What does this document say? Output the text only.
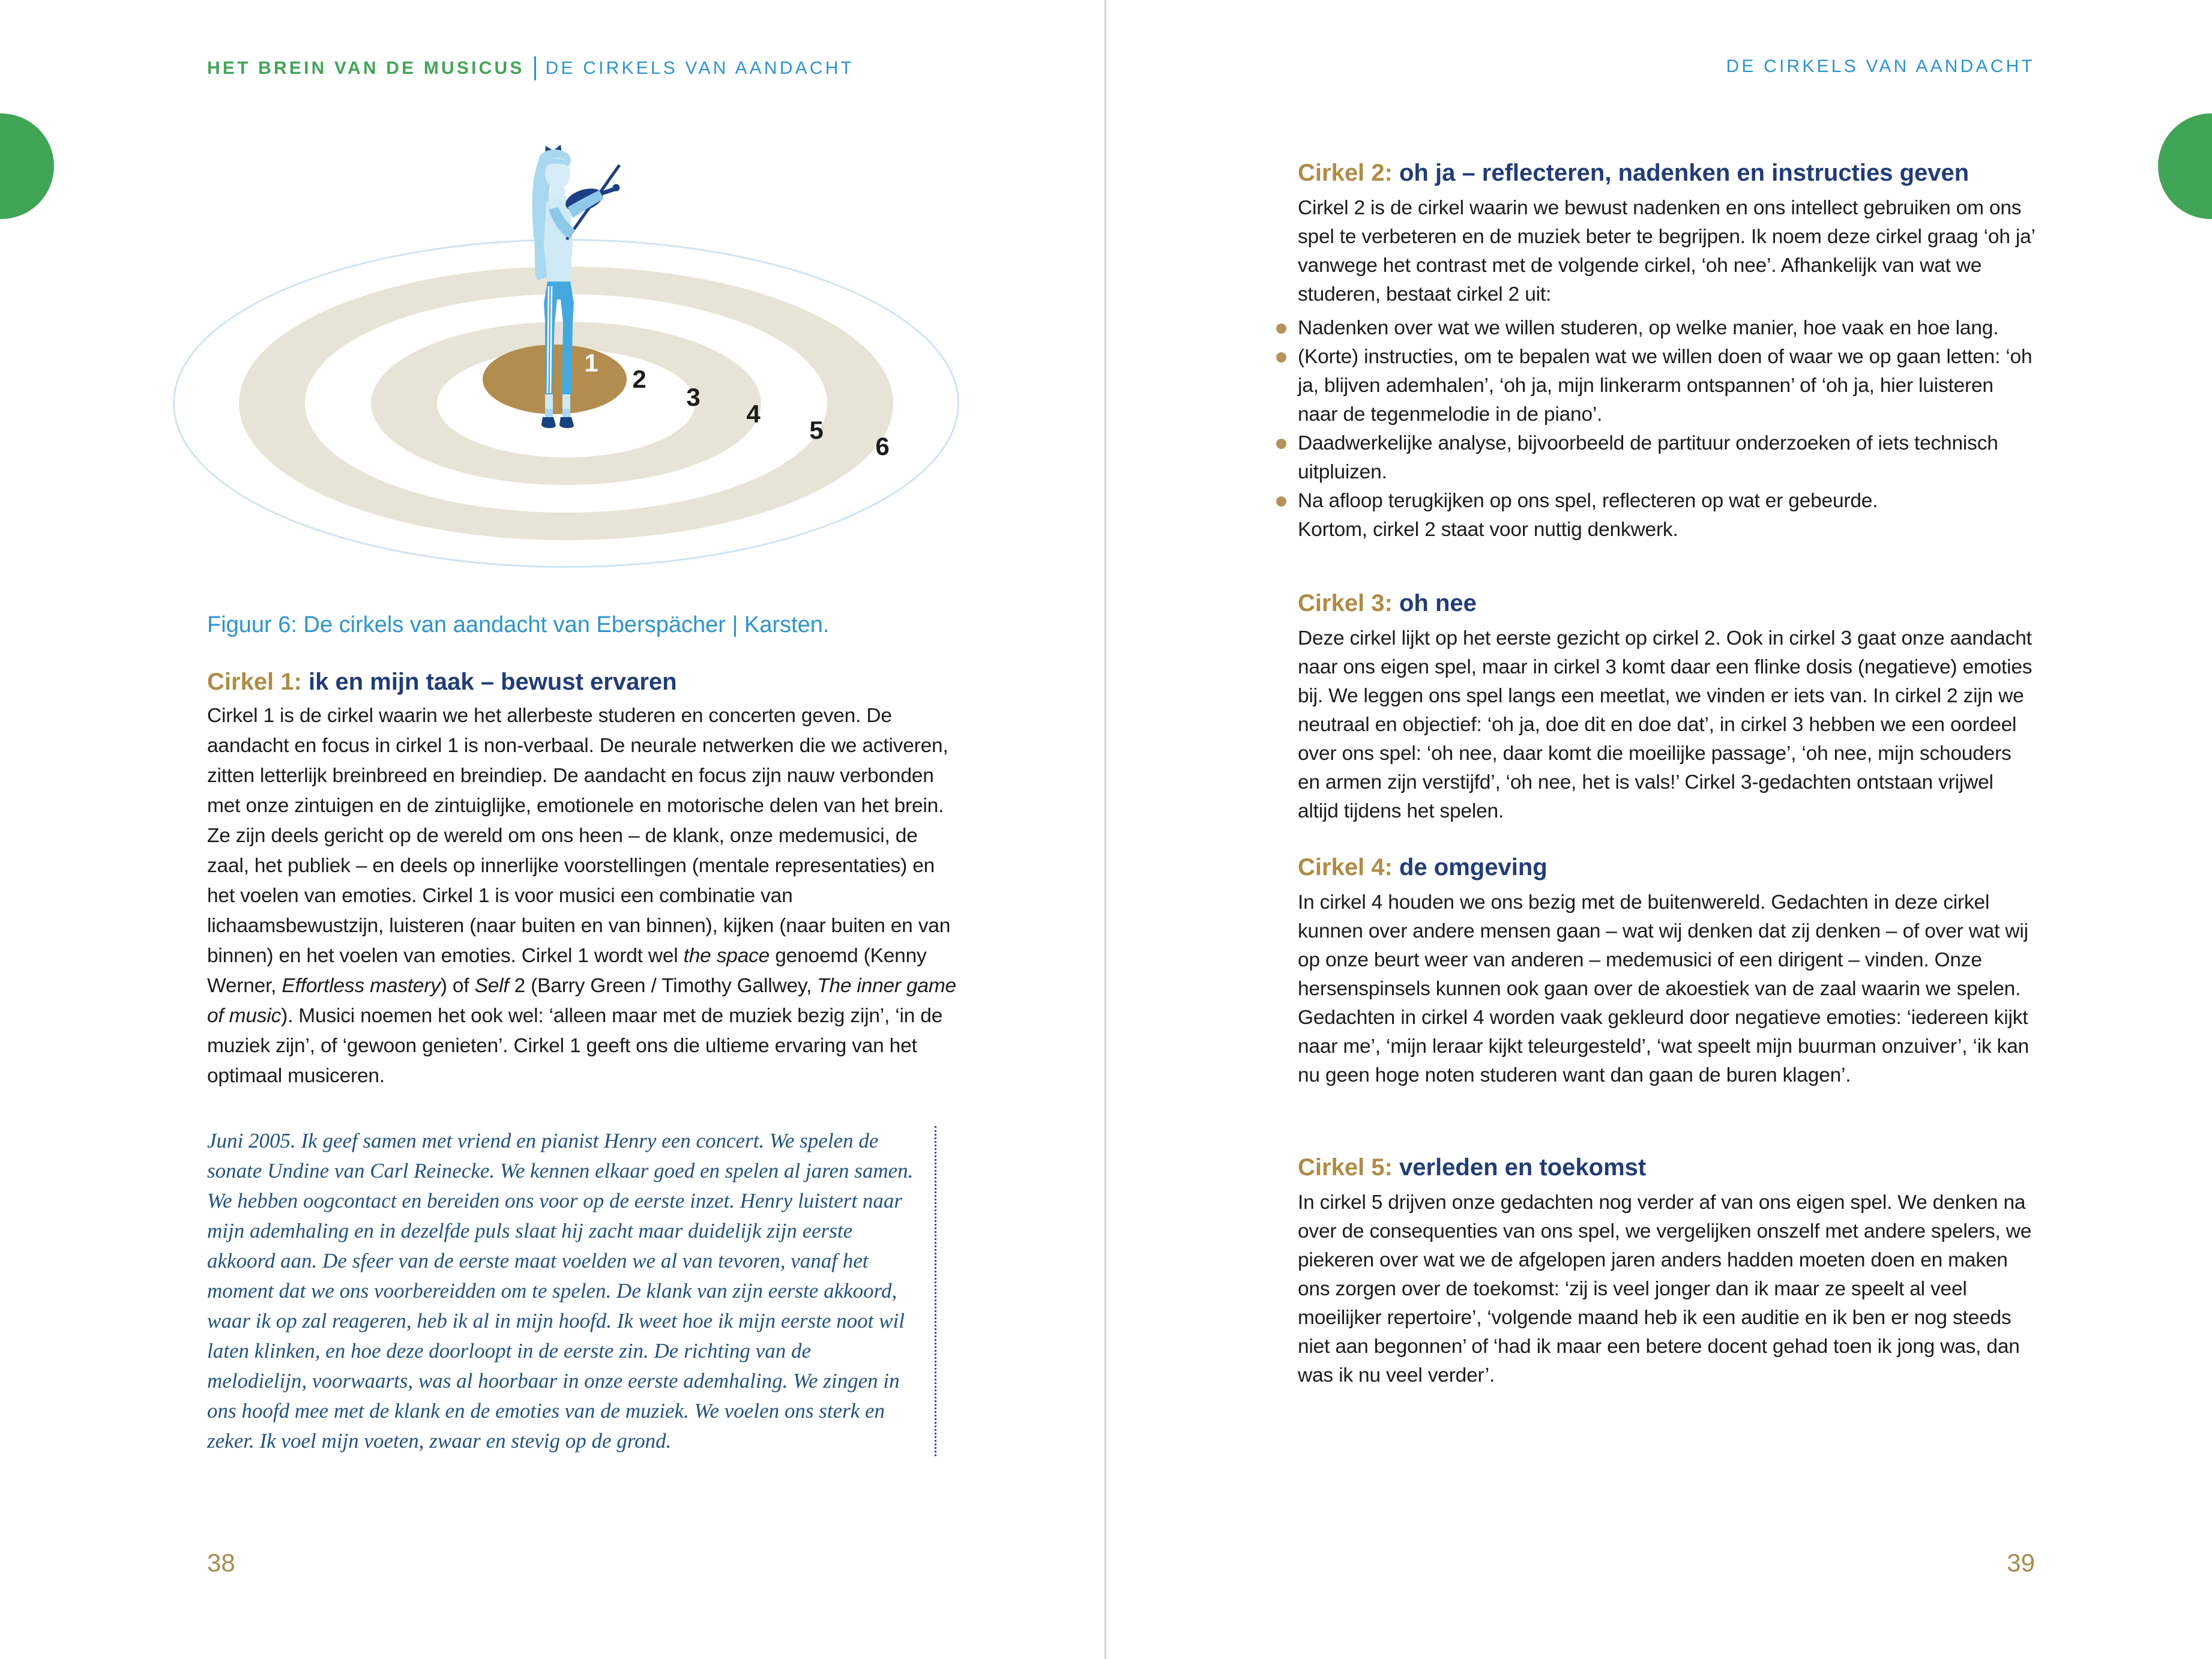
HET BREIN VAN DE MUSICUS DE CIRKELS VAN AANDACHT
1
2
3
4
5
6
Figuur 6: De cirkels van aandacht van Eberspächer | Karsten.
Cirkel 1: ik en mijn taak – bewust ervaren
Cirkel 1 is de cirkel waarin we het allerbeste studeren en concerten geven. De aandacht en focus in cirkel 1 is non-verbaal. De neurale netwerken die we activeren, zitten letterlijk breinbreed en breindiep. De aandacht en focus zijn nauw verbonden met onze zintuigen en de zintuiglijke, emotionele en motorische delen van het brein. Ze zijn deels gericht op de wereld om ons heen – de klank, onze medemusici, de zaal, het publiek – en deels op innerlijke voorstellingen (mentale representaties) en het voelen van emoties. Cirkel 1 is voor musici een combinatie van lichaamsbewustzijn, luisteren (naar buiten en van binnen), kijken (naar buiten en van binnen) en het voelen van emoties. Cirkel 1 wordt wel the space genoemd (Kenny Werner, Effortless mastery) of Self 2 (Barry Green / Timothy Gallwey, The inner game of music). Musici noemen het ook wel: ‘alleen maar met de muziek bezig zijn’, ‘in de muziek zijn’, of ‘gewoon genieten’. Cirkel 1 geeft ons die ultieme ervaring van het optimaal musiceren.
Juni 2005. Ik geef samen met vriend en pianist Henry een concert. We spelen de sonate Undine van Carl Reinecke. We kennen elkaar goed en spelen al jaren samen. We hebben oogcontact en bereiden ons voor op de eerste inzet. Henry luistert naar mijn ademhaling en in dezelfde puls slaat hij zacht maar duidelijk zijn eerste akkoord aan. De sfeer van de eerste maat voelden we al van tevoren, vanaf het moment dat we ons voorbereidden om te spelen. De klank van zijn eerste akkoord, waar ik op zal reageren, heb ik al in mijn hoofd. Ik weet hoe ik mijn eerste noot wil laten klinken, en hoe deze doorloopt in de eerste zin. De richting van de melodielijn, voorwaarts, was al hoorbaar in onze eerste ademhaling. We zingen in ons hoofd mee met de klank en de emoties van de muziek. We voelen ons sterk en zeker. Ik voel mijn voeten, zwaar en stevig op de grond.
38
DE CIRKELS VAN AANDACHT
Cirkel 2: oh ja – reflecteren, nadenken en instructies geven
Cirkel 2 is de cirkel waarin we bewust nadenken en ons intellect gebruiken om ons spel te verbeteren en de muziek beter te begrijpen. Ik noem deze cirkel graag ‘oh ja’ vanwege het contrast met de volgende cirkel, ‘oh nee’. Afhankelijk van wat we studeren, bestaat cirkel 2 uit:
Nadenken over wat we willen studeren, op welke manier, hoe vaak en hoe lang.
(Korte) instructies, om te bepalen wat we willen doen of waar we op gaan letten: ‘oh ja, blijven ademhalen’, ‘oh ja, mijn linkerarm ontspannen’ of ‘oh ja, hier luisteren naar de tegenmelodie in de piano’.
Daadwerkelijke analyse, bijvoorbeeld de partituur onderzoeken of iets technisch uitpluizen.
Na afloop terugkijken op ons spel, reflecteren op wat er gebeurde.
Kortom, cirkel 2 staat voor nuttig denkwerk.
Cirkel 3: oh nee
Deze cirkel lijkt op het eerste gezicht op cirkel 2. Ook in cirkel 3 gaat onze aandacht naar ons eigen spel, maar in cirkel 3 komt daar een flinke dosis (negatieve) emoties bij. We leggen ons spel langs een meetlat, we vinden er iets van. In cirkel 2 zijn we neutraal en objectief: ‘oh ja, doe dit en doe dat’, in cirkel 3 hebben we een oordeel over ons spel: ‘oh nee, daar komt die moeilijke passage’, ‘oh nee, mijn schouders en armen zijn verstijfd’, ‘oh nee, het is vals!’ Cirkel 3-gedachten ontstaan vrijwel altijd tijdens het spelen.
Cirkel 4: de omgeving
In cirkel 4 houden we ons bezig met de buitenwereld. Gedachten in deze cirkel kunnen over andere mensen gaan – wat wij denken dat zij denken – of over wat wij op onze beurt weer van anderen – medemusici of een dirigent – vinden. Onze hersenspinsels kunnen ook gaan over de akoestiek van de zaal waarin we spelen. Gedachten in cirkel 4 worden vaak gekleurd door negatieve emoties: ‘iedereen kijkt naar me’, ‘mijn leraar kijkt teleurgesteld’, ‘wat speelt mijn buurman onzuiver’, ‘ik kan nu geen hoge noten studeren want dan gaan de buren klagen’.
Cirkel 5: verleden en toekomst
In cirkel 5 drijven onze gedachten nog verder af van ons eigen spel. We denken na over de consequenties van ons spel, we vergelijken onszelf met andere spelers, we piekeren over wat we de afgelopen jaren anders hadden moeten doen en maken ons zorgen over de toekomst: ‘zij is veel jonger dan ik maar ze speelt al veel moeilijker repertoire’, ‘volgende maand heb ik een auditie en ik ben er nog steeds niet aan begonnen’ of ‘had ik maar een betere docent gehad toen ik jong was, dan was ik nu veel verder’.
39
